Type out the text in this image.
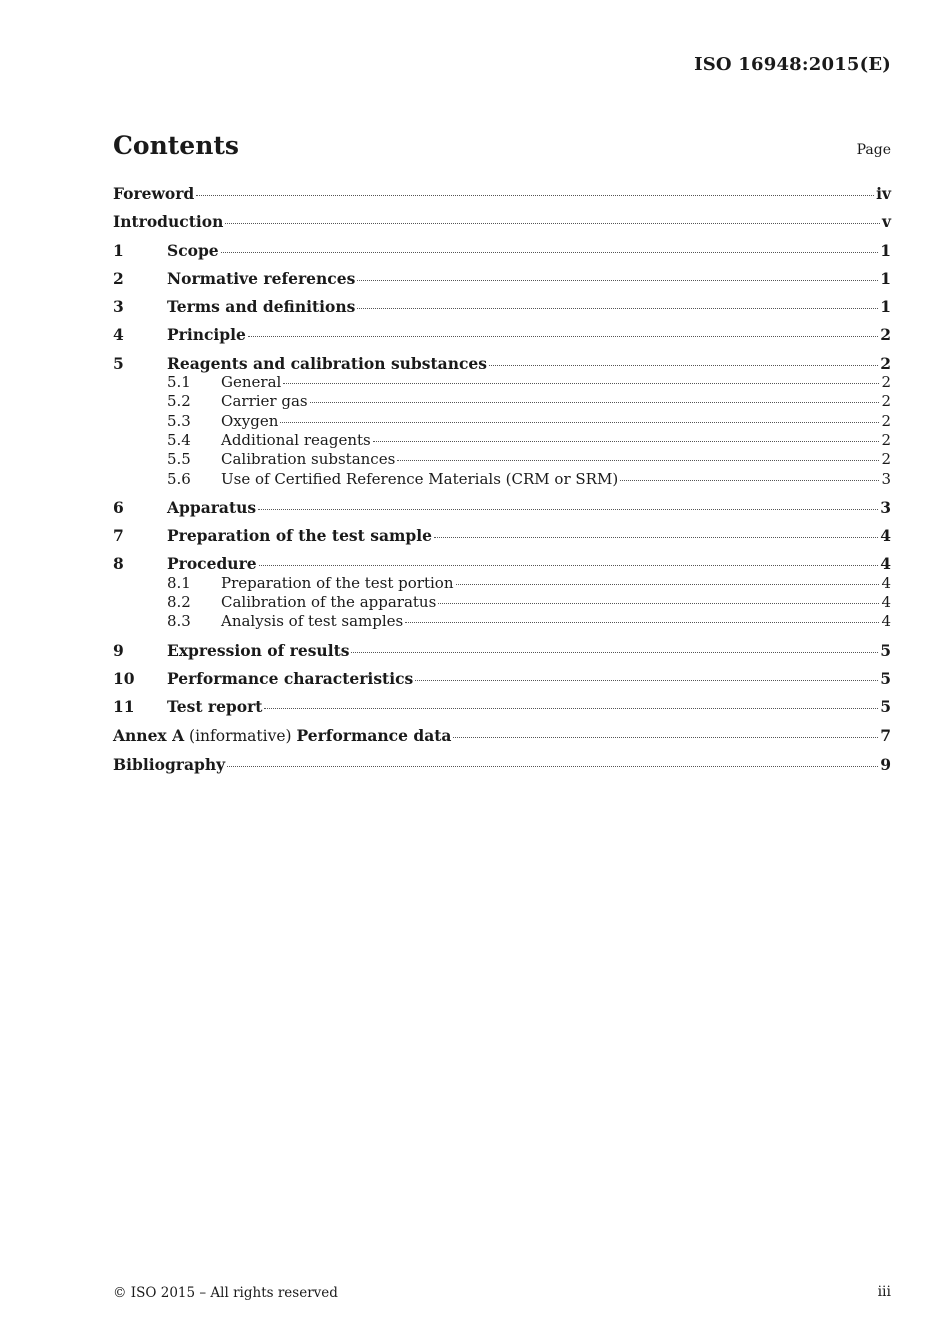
ISO 16948:2015(E)
Contents	Page
Foreword	iv
Introduction	v
1	Scope	1
2	Normative references	1
3	Terms and definitions	1
4	Principle	2
5	Reagents and calibration substances	2
5.1	General	2
5.2	Carrier gas	2
5.3	Oxygen	2
5.4	Additional reagents	2
5.5	Calibration substances	2
5.6	Use of Certified Reference Materials (CRM or SRM)	3
6	Apparatus	3
7	Preparation of the test sample	4
8	Procedure	4
8.1	Preparation of the test portion	4
8.2	Calibration of the apparatus	4
8.3	Analysis of test samples	4
9	Expression of results	5
10	Performance characteristics	5
11	Test report	5
Annex A (informative) Performance data	7
Bibliography	9
© ISO 2015 – All rights reserved	iii
